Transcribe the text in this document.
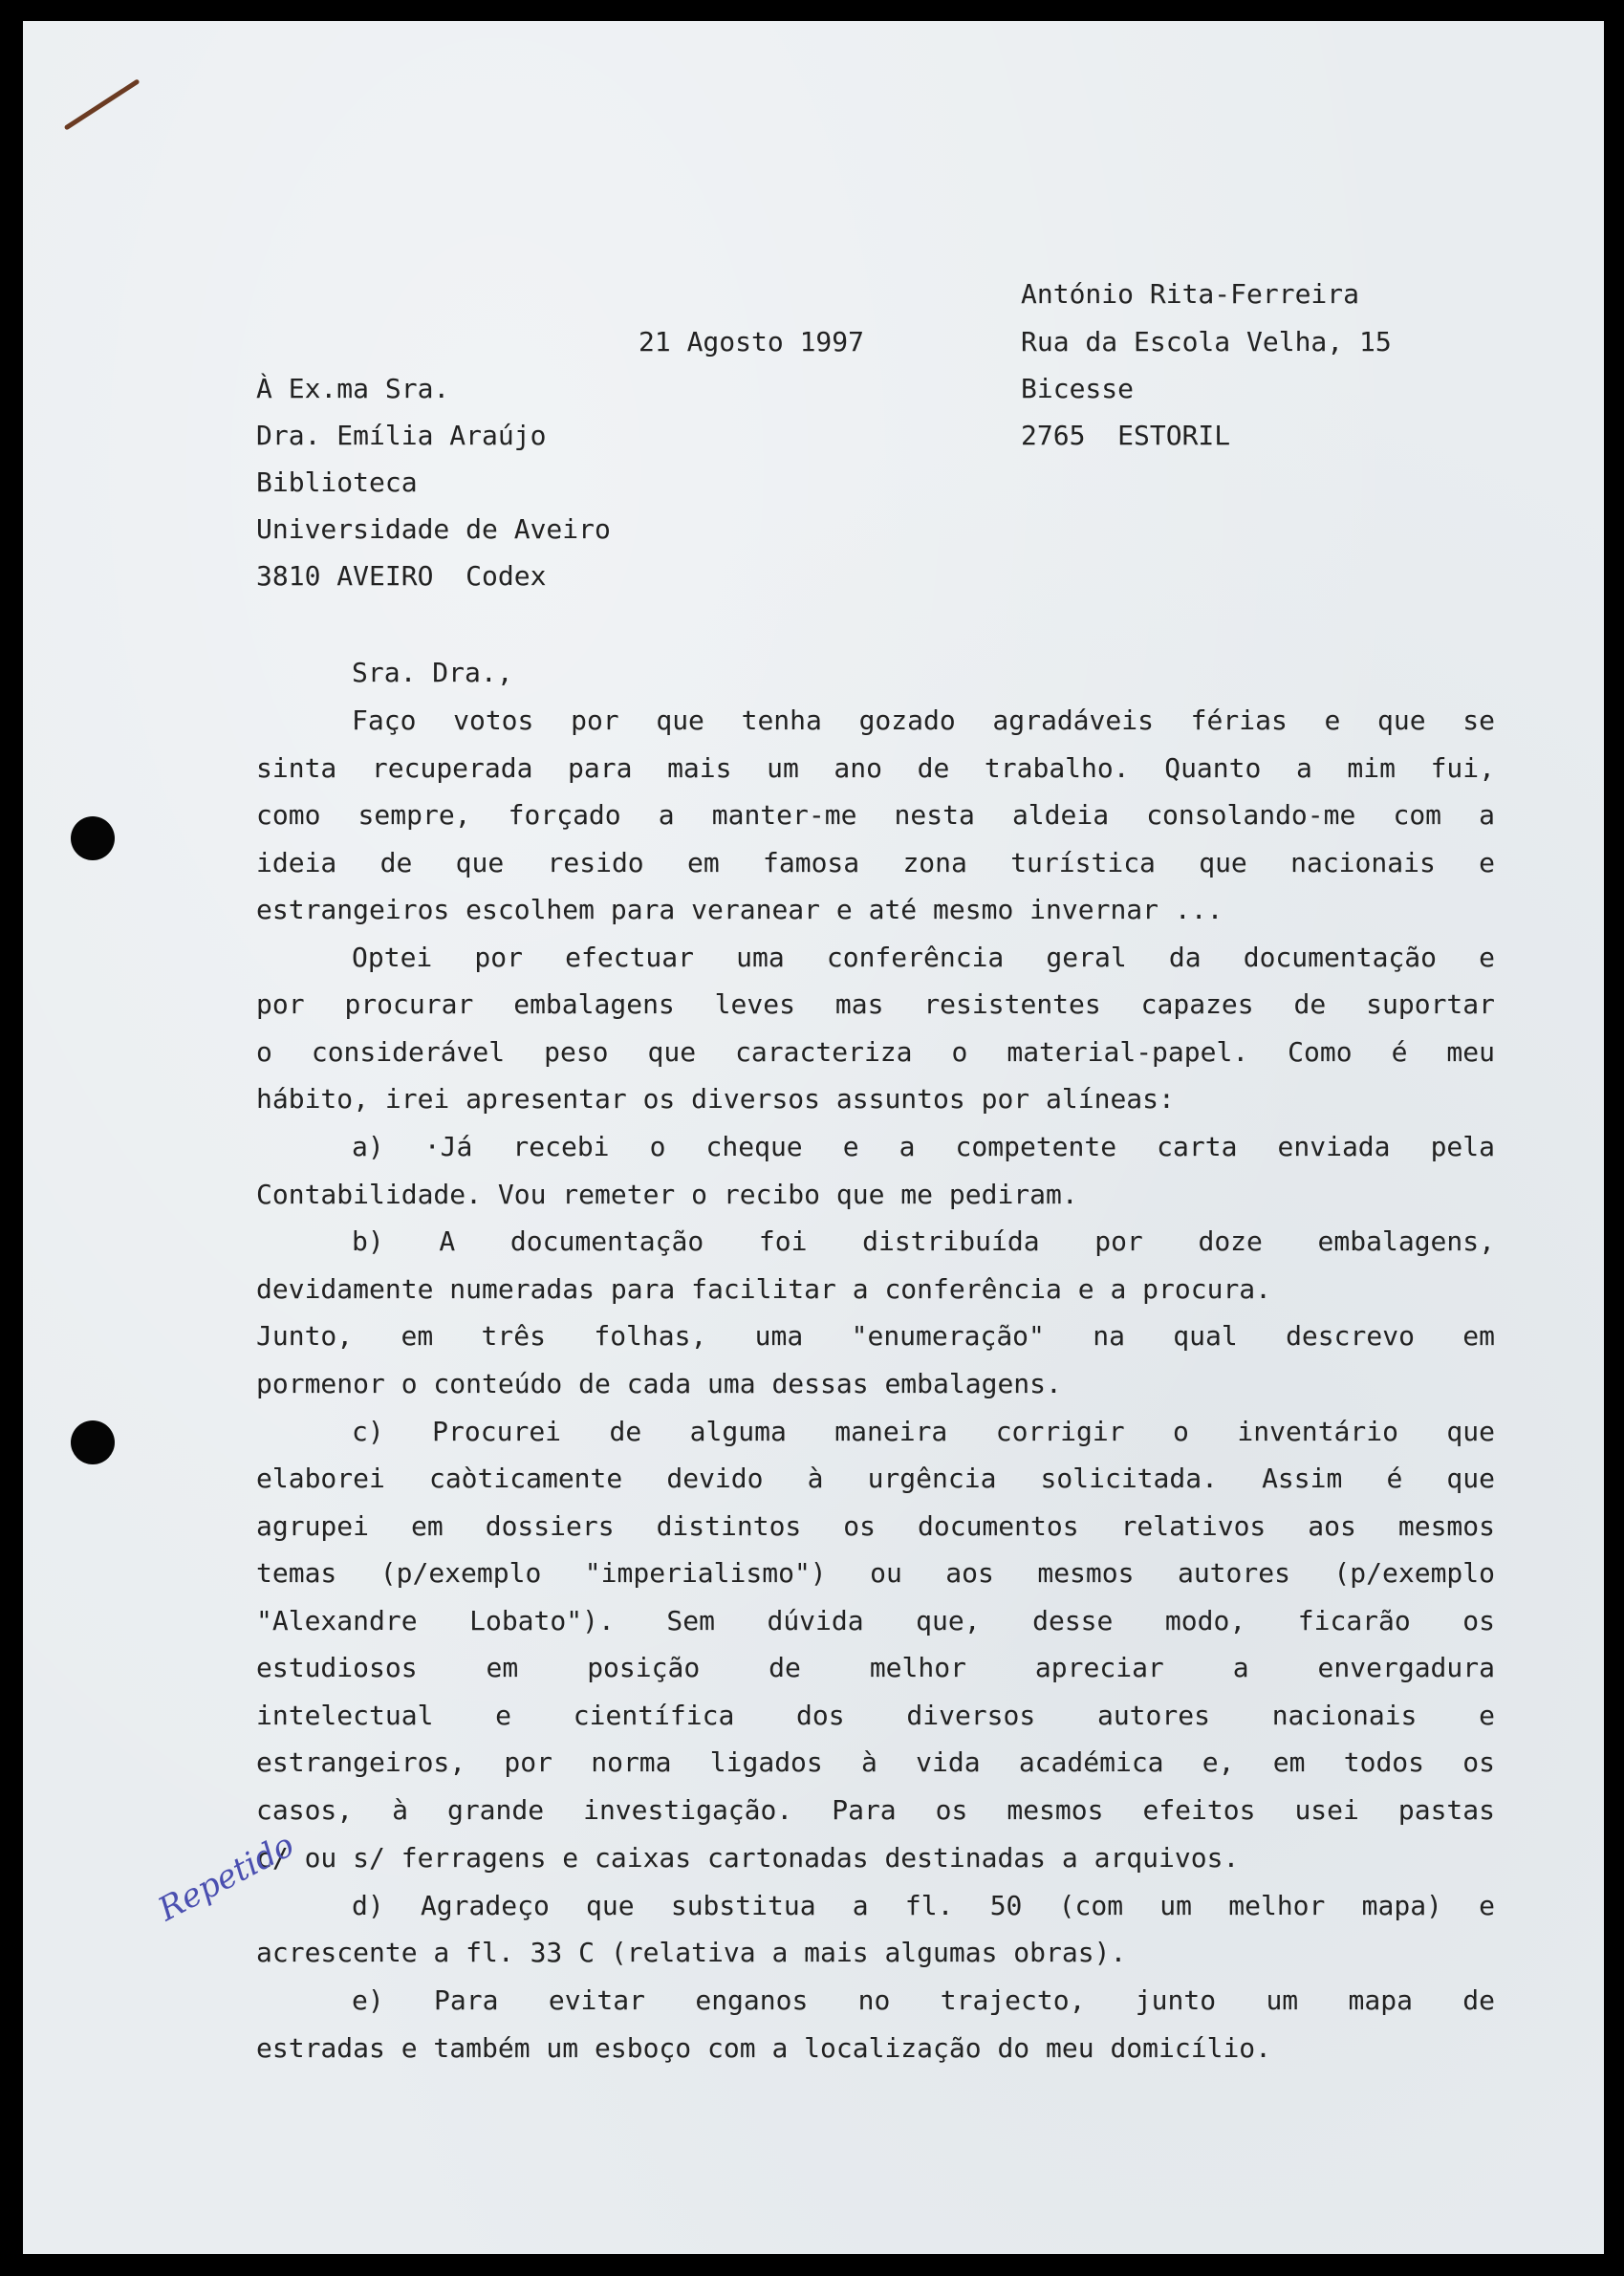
António Rita-Ferreira

Rua da Escola Velha, 15

Bicesse

2765  ESTORIL

21 Agosto 1997

À Ex.ma Sra.

Dra. Emília Araújo

Biblioteca

Universidade de Aveiro

3810 AVEIRO  Codex

Sra. Dra.,

Faço votos por que tenha gozado agradáveis férias e que se
sinta recuperada para mais um ano de trabalho. Quanto a mim fui,
como sempre, forçado a manter-me nesta aldeia consolando-me com a
ideia de que resido em famosa zona turística que nacionais e
estrangeiros escolhem para veranear e até mesmo invernar ...
Optei por efectuar uma conferência geral da documentação e
por procurar embalagens leves mas resistentes capazes de suportar
o considerável peso que caracteriza o material-papel. Como é meu
hábito, irei apresentar os diversos assuntos por alíneas:
a) ·Já recebi o cheque e a competente carta enviada pela
Contabilidade. Vou remeter o recibo que me pediram.
b) A documentação foi distribuída por doze embalagens,
devidamente numeradas para facilitar a conferência e a procura.
Junto, em três folhas, uma "enumeração" na qual descrevo em
pormenor o conteúdo de cada uma dessas embalagens.
c) Procurei de alguma maneira corrigir o inventário que
elaborei caòticamente devido à urgência solicitada. Assim é que
agrupei em dossiers distintos os documentos relativos aos mesmos
temas (p/exemplo "imperialismo") ou aos mesmos autores (p/exemplo
"Alexandre Lobato"). Sem dúvida que, desse modo, ficarão os
estudiosos em posição de melhor apreciar a envergadura
intelectual e científica dos diversos autores nacionais e
estrangeiros, por norma ligados à vida académica e, em todos os
casos, à grande investigação. Para os mesmos efeitos usei pastas
c/ ou s/ ferragens e caixas cartonadas destinadas a arquivos.
d) Agradeço que substitua a fl. 50 (com um melhor mapa) e
acrescente a fl. 33 C (relativa a mais algumas obras).
e) Para evitar enganos no trajecto, junto um mapa de
estradas e também um esboço com a localização do meu domicílio.
Repetido
